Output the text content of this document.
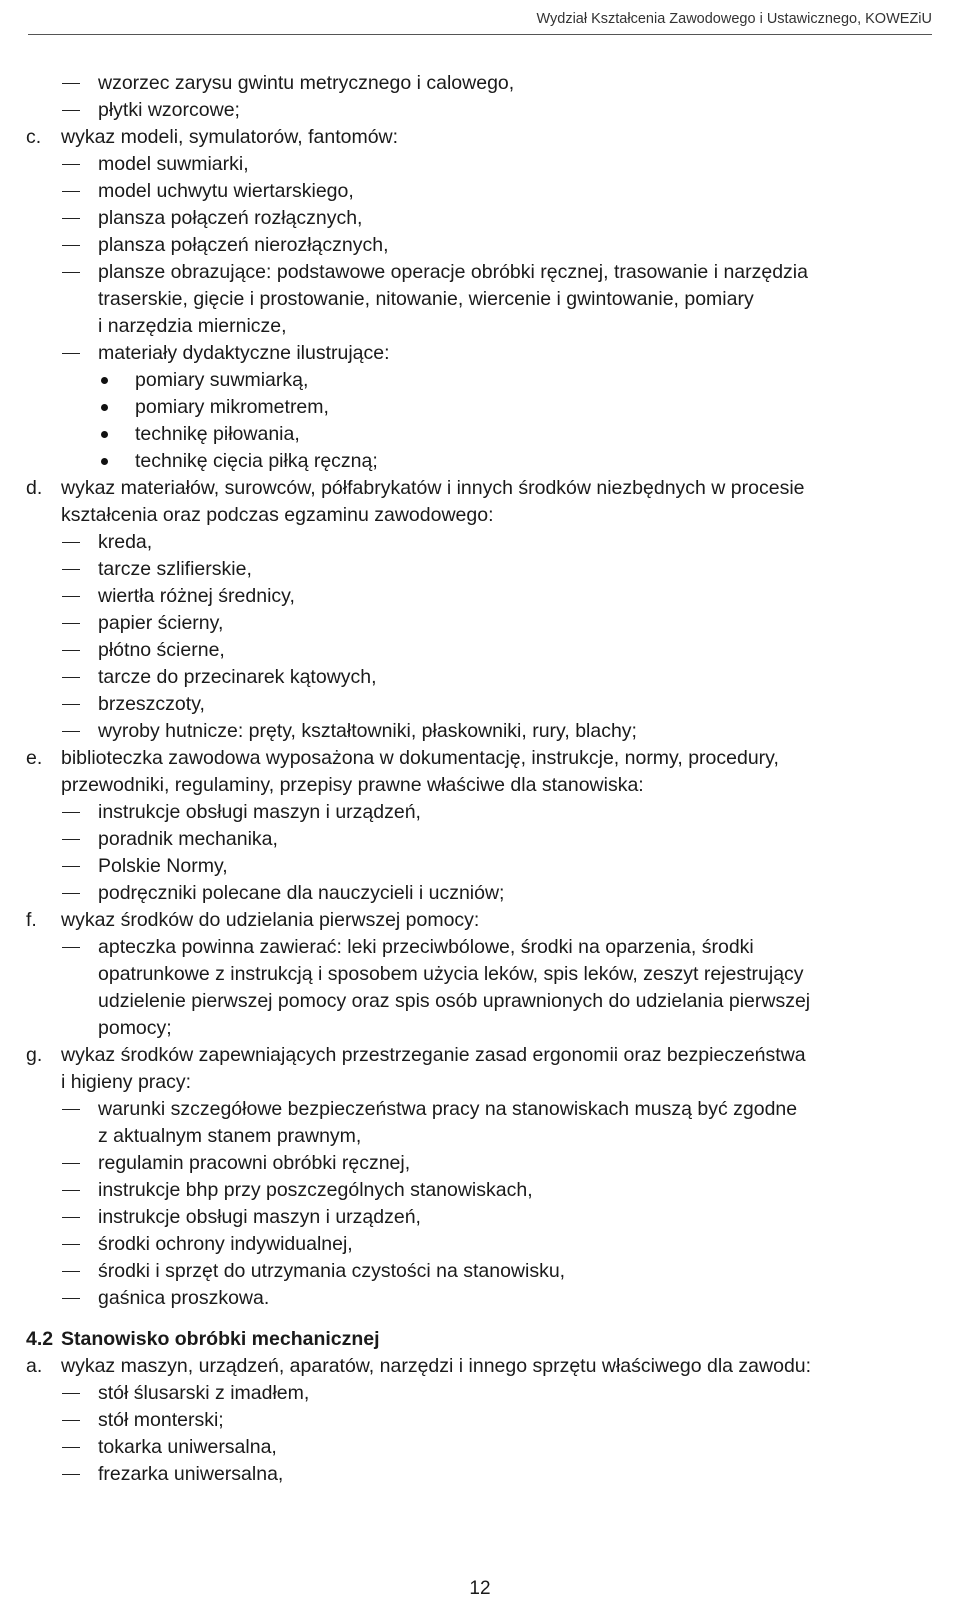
Wydział Kształcenia Zawodowego i Ustawicznego, KOWEZiU
wzorzec zarysu gwintu metrycznego i calowego,
płytki wzorcowe;
c. wykaz modeli, symulatorów, fantomów:
model suwmiarki,
model uchwytu wiertarskiego,
plansza połączeń rozłącznych,
plansza połączeń nierozłącznych,
plansze obrazujące: podstawowe operacje obróbki ręcznej, trasowanie i narzędzia
traserskie, gięcie i prostowanie, nitowanie, wiercenie i gwintowanie, pomiary
i narzędzia miernicze,
materiały dydaktyczne ilustrujące:
pomiary suwmiarką,
pomiary mikrometrem,
technikę piłowania,
technikę cięcia piłką ręczną;
d. wykaz materiałów, surowców, półfabrykatów i innych środków niezbędnych w procesie
kształcenia oraz podczas egzaminu zawodowego:
kreda,
tarcze szlifierskie,
wiertła różnej średnicy,
papier ścierny,
płótno ścierne,
tarcze do przecinarek kątowych,
brzeszczoty,
wyroby hutnicze: pręty, kształtowniki, płaskowniki, rury, blachy;
e. biblioteczka zawodowa wyposażona w dokumentację, instrukcje, normy, procedury,
przewodniki, regulaminy, przepisy prawne właściwe dla stanowiska:
instrukcje obsługi maszyn i urządzeń,
poradnik mechanika,
Polskie Normy,
podręczniki polecane dla nauczycieli i uczniów;
f. wykaz środków do udzielania pierwszej pomocy:
apteczka powinna zawierać: leki przeciwbólowe, środki na oparzenia, środki
opatrunkowe z instrukcją i sposobem użycia leków, spis leków, zeszyt rejestrujący
udzielenie pierwszej pomocy oraz spis osób uprawnionych do udzielania pierwszej
pomocy;
g. wykaz środków zapewniających przestrzeganie zasad ergonomii oraz bezpieczeństwa
i higieny pracy:
warunki szczegółowe bezpieczeństwa pracy na stanowiskach muszą być zgodne
z aktualnym stanem prawnym,
regulamin pracowni obróbki ręcznej,
instrukcje bhp przy poszczególnych stanowiskach,
instrukcje obsługi maszyn i urządzeń,
środki ochrony indywidualnej,
środki i sprzęt do utrzymania czystości na stanowisku,
gaśnica proszkowa.
4.2 Stanowisko obróbki mechanicznej
a. wykaz maszyn, urządzeń, aparatów, narzędzi i innego sprzętu właściwego dla zawodu:
stół ślusarski z imadłem,
stół monterski;
tokarka uniwersalna,
frezarka uniwersalna,
12
